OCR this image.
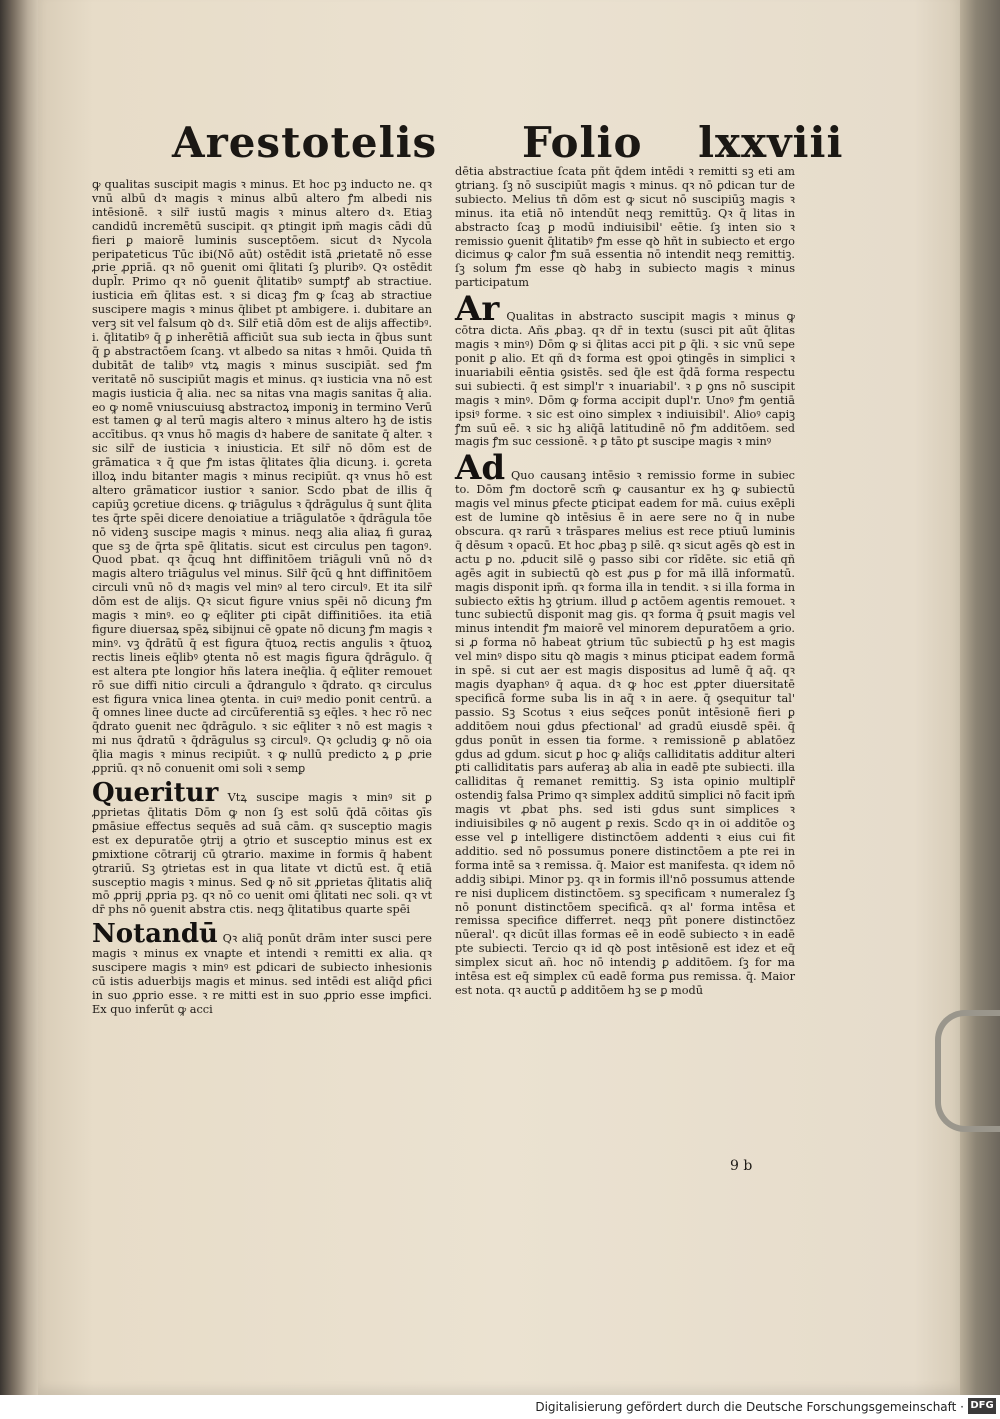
Arestotelis Folio lxxviii

ꝙ qualitas suscipit magis ꝛ minus. Et hoc pꝫ inducto ne. qꝛ vnū albū dꝛ magis ꝛ minus albū altero ꝭm albedi nis intēsionē. ꝛ silr̄ iustū magis ꝛ minus altero dꝛ. Etiaꝫ candidū incremētū suscipit. qꝛ ꝑtingit ipm̄ magis cādi dū fieri ꝑ maiorē luminis susceptōem. sicut dꝛ Nycola peripateticus Tūc ibi(Nō aūt) ostēdit istā ꝓrietatē nō esse ꝓrie ꝓpriā. qꝛ nō ꝯuenit omi q̄litati ſꝫ pluribꝰ. Qꝛ ostēdit dupl̄r. Primo qꝛ nō ꝯuenit q̄litatibꝰ sumptꝭ ab stractiue. iusticia em̄ q̄litas est. ꝛ si dicaꝫ ꝭm ꝙ ſcaꝫ ab stractiue suscipere magis ꝛ minus q̄libet pt ambigere. i. dubitare an verꝫ sit vel falsum qꝺ dꝛ. Silr̄ etiā dōm est de alijs affectibꝰ. i. q̄litatibꝰ q̄ ꝑ inherētiā afficiūt sua sub iecta in q̄bus sunt q̄ ꝑ abstractōem ſcanꝫ. vt albedo sa nitas ꝛ hmōi. Quida tn̄ dubitāt de talibꝰ vtꝝ magis ꝛ minus suscipiāt. sed ꝭm veritatē nō suscipiūt magis et minus. qꝛ iusticia vna nō est magis iusticia q̄ alia. nec sa nitas vna magis sanitas q̄ alia. eo ꝙ nomē vniuscuiusꝗ abstractoꝝ imponiꝫ in termino Verū est tamen ꝙ al terū magis altero ꝛ minus altero hꝫ de istis accītibus. qꝛ vnus hō magis dꝛ habere de sanitate q̄ alter. ꝛ sic silr̄ de iusticia ꝛ iniusticia. Et silr̄ nō dōm est de grāmatica ꝛ q̄ que ꝭm istas q̄litates q̄lia dicunꝫ. i. ꝯcreta illoꝝ indu bitanter magis ꝛ minus recipiūt. qꝛ vnus hō est altero grāmaticor iustior ꝛ sanior. Scdo pbat de illis q̄ capiūꝫ ꝯcretiue dicens. ꝙ triāgulus ꝛ q̄drāgulus q̄ sunt q̄lita tes q̄rte spēi dicere denoiatiue a triāgulatōe ꝛ q̄drāgula tōe nō videnꝫ suscipe magis ꝛ minus. neqꝫ alia aliaꝝ fi guraꝝ que sꝫ de q̄rta spē q̄litatis. sicut est circulus pen tagonꝰ. Quod pbat. qꝛ q̄cuꝗ hnt diffinitōem triāguli vnū nō dꝛ magis altero triāgulus vel minus. Silr̄ q̄cū ꝗ hnt diffinitōem circuli vnū nō dꝛ magis vel minꝰ al tero circulꝰ. Et ita silr̄ dōm est de alijs. Qꝛ sicut figure vnius spēi nō dicunꝫ ꝭm magis ꝛ minꝰ. eo ꝙ eq̄liter ꝑti cipāt diffinitiōes. ita etiā figure diuersaꝝ spēꝝ sibijnui cē ꝯpate nō dicunꝫ ꝭm magis ꝛ minꝰ. vꝫ q̄drātū q̄ est figura q̄tuoꝝ rectis angulis ꝛ q̄tuoꝝ rectis lineis eq̄libꝰ ꝯtenta nō est magis figura q̄drāgulo. q̄ est altera pte longior hñs latera ineq̄lia. q̄ eq̄liter remouet rō sue diffi nitio circuli a q̄drangulo ꝛ q̄drato. qꝛ circulus est figura vnica linea ꝯtenta. in cuiꝰ medio ponit centrū. a q̄ omnes linee ducte ad circūferentiā sꝫ eq̄les. ꝛ hec rō nec q̄drato ꝯuenit nec q̄drāgulo. ꝛ sic eq̄liter ꝛ nō est magis ꝛ mi nus q̄dratū ꝛ q̄drāgulus sꝫ circulꝰ. Qꝛ ꝯcludiꝫ ꝙ nō oia q̄lia magis ꝛ minus recipiūt. ꝛ ꝙ nullū predicto ꝝ ꝑ ꝓrie ꝓpriū. qꝛ nō conuenit omi soli ꝛ semꝑ

Queritur Vtꝝ suscipe magis ꝛ minꝰ sit ꝑ ꝓprietas q̄litatis Dōm ꝙ non ſꝫ est solū q̄dā cōitas ꝯīs ꝑmāsiue effectus sequēs ad suā cām. qꝛ susceptio magis est ex depuratōe ꝯtrij a ꝯtrio et susceptio minus est ex ꝑmixtione cōtrarij cū ꝯtrario. maxime in formis q̄ habent ꝯtrariū. Sꝫ ꝯtrietas est in qua litate vt dictū est. q̄ etiā susceptio magis ꝛ minus. Sed ꝙ nō sit ꝓprietas q̄litatis aliq̄ mō ꝓprij ꝓpria pꝫ. qꝛ nō co uenit omi q̄litati nec soli. qꝛ vt dr̄ phs nō ꝯuenit abstra ctis. neqꝫ q̄litatibus quarte spēi

Notandū Qꝛ aliq̄ ponūt drām inter susci pere magis ꝛ minus ex vnaꝑte et intendi ꝛ remitti ex alia. qꝛ suscipere magis ꝛ minꝰ est ꝑdicari de subiecto inhesionis cū istis aduerbijs magis et minus. sed intēdi est aliq̄d ꝑfici in suo ꝓprio esse. ꝛ re mitti est in suo ꝓprio esse imꝑfici. Ex quo inferūt ꝙ acci

dētia abstractiue ſcata pñt q̄dem intēdi ꝛ remitti sꝫ eti am ꝯtrianꝫ. ſꝫ nō suscipiūt magis ꝛ minus. qꝛ nō ꝑdican tur de subiecto. Melius tn̄ dōm est ꝙ sicut nō suscipiūꝫ magis ꝛ minus. ita etiā nō intendūt neqꝫ remittūꝫ. Qꝛ q̄ litas in abstracto ſcaꝫ ꝑ modū indiuisibil' eētie. ſꝫ inten sio ꝛ remissio ꝯuenit q̄litatibꝰ ꝭm esse qꝺ hñt in subiecto et ergo dicimus ꝙ calor ꝭm suā essentia nō intendit neqꝫ remittiꝫ. ſꝫ solum ꝭm esse qꝺ habꝫ in subiecto magis ꝛ minus participatum

Ar Qualitas in abstracto suscipit magis ꝛ minus ꝙ cōtra dicta. Añs ꝓbaꝫ. qꝛ dr̄ in textu (susci pit aūt q̄litas magis ꝛ minꝰ) Dōm ꝙ si q̄litas acci pit ꝑ q̄li. ꝛ sic vnū sepe ponit ꝑ alio. Et qñ dꝛ forma est ꝯpoi ꝯtingēs in simplici ꝛ inuariabili eēntia ꝯsistēs. sed q̄le est q̄dā forma respectu sui subiecti. q̄ est simpl'r ꝛ inuariabil'. ꝛ ꝑ ꝯns nō suscipit magis ꝛ minꝰ. Dōm ꝙ forma accipit dupl'r. Unoꝰ ꝭm ꝯentiā ipsiꝰ forme. ꝛ sic est oino simplex ꝛ indiuisibil'. Alioꝰ capiꝫ ꝭm suū eē. ꝛ sic hꝫ aliq̄ā latitudinē nō ꝭm additōem. sed magis ꝭm suc cessionē. ꝛ ꝑ tāto ꝑt suscipe magis ꝛ minꝰ

Ad Quo causanꝫ intēsio ꝛ remissio forme in subiec to. Dōm ꝭm doctorē scm̄ ꝙ causantur ex hꝫ ꝙ subiectū magis vel minus ꝑfecte ꝑticipat eadem for mā. cuius exēpli est de lumine qꝺ intēsius ē in aere sere no q̄ in nube obscura. qꝛ rarū ꝛ trāspares melius est rece ptiuū luminis q̄ dēsum ꝛ opacū. Et hoc ꝓbaꝫ p silē. qꝛ sicut agēs qꝺ est in actu ꝑ no. ꝓducit silē ꝯ passo sibi cor rīdēte. sic etiā qñ agēs agit in subiectū qꝺ est ꝓus ꝑ for mā illā informatū. magis disponit ipm̄. qꝛ forma illa in tendit. ꝛ si illa forma in subiecto ex̄tis hꝫ ꝯtrium. illud ꝑ actōem agentis remouet. ꝛ tunc subiectū disponit mag gis. qꝛ forma q̄ ꝑsuit magis vel minus intendit ꝭm maiorē vel minorem depuratōem a ꝯrio. si ꝓ forma nō habeat ꝯtrium tūc subiectū ꝑ hꝫ est magis vel minꝰ dispo situ qꝺ magis ꝛ minus ꝑticipat eadem formā in spē. si cut aer est magis dispositus ad lumē q̄ aq̄. qꝛ magis dyaphanꝰ q̄ aqua. dꝛ ꝙ hoc est ꝓpter diuersitatē specificā forme suba lis in aq̄ ꝛ in aere. q̄ ꝯsequitur tal' passio. Sꝫ Scotus ꝛ eius seq̄ces ponūt intēsionē fieri ꝑ additōem noui gdus ꝑfectional' ad gradū eiusdē spēi. q̄ gdus ponūt in essen tia forme. ꝛ remissionē ꝑ ablatōez gdus ad gdum. sicut ꝑ hoc ꝙ aliq̄s calliditatis additur alteri ꝑti calliditatis pars auferaꝫ ab alia in eadē pte subiecti. illa calliditas q̄ remanet remittiꝫ. Sꝫ ista opinio multiplr̄ ostendiꝫ falsa Primo qꝛ simplex additū simplici nō facit ipm̄ magis vt ꝓbat phs. sed isti gdus sunt simplices ꝛ indiuisibiles ꝙ nō augent ꝑ rexis. Scdo qꝛ in oi additōe oꝫ esse vel ꝑ intelligere distinctōem addenti ꝛ eius cui fit additio. sed nō possumus ponere distinctōem a pte rei in forma intē sa ꝛ remissa. q̄. Maior est manifesta. qꝛ idem nō addiꝫ sibiꝓi. Minor pꝫ. qꝛ in formis ill'nō possumus attende re nisi duplicem distinctōem. sꝫ specificam ꝛ numeralez ſꝫ nō ponunt distinctōem specificā. qꝛ al' forma intēsa et remissa specifice differret. neqꝫ pñt ponere distinctōez nūeral'. qꝛ dicūt illas formas eē in eodē subiecto ꝛ in eadē pte subiecti. Tercio qꝛ id qꝺ post intēsionē est idez et eq̄ simplex sicut añ. hoc nō intendiꝫ ꝑ additōem. ſꝫ for ma intēsa est eq̄ simplex cū eadē forma ꝑus remissa. q̄. Maior est nota. qꝛ auctū ꝑ additōem hꝫ se ꝑ modū

9 b
Digitalisierung gefördert durch die Deutsche Forschungsgemeinschaft · DFG
